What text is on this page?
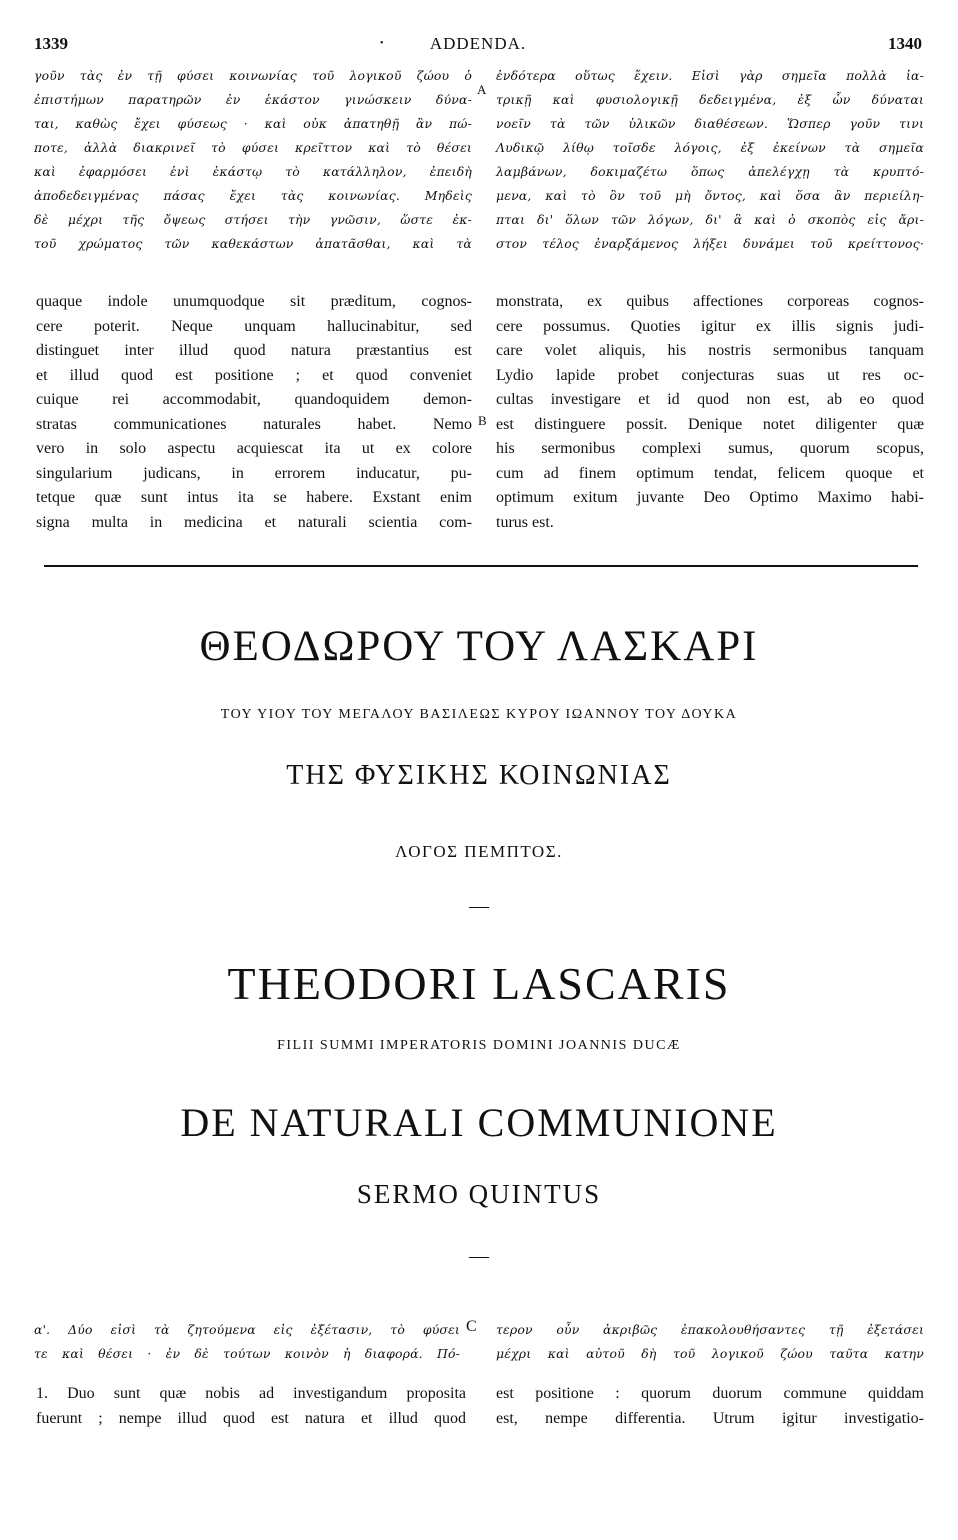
1339	•	ADDENDA.	1340
γοῦν τὰς ἐν τῇ φύσει κοινωνίας τοῦ λογικοῦ ζώου ὁ
ἐπιστήμων παρατηρῶν ἐν ἑκάστον γινώσκειν δύνα-
ται, καθὼς ἔχει φύσεως · καὶ οὐκ ἀπατηθῇ ἂν πώ-
ποτε, ἀλλὰ διακρινεῖ τὸ φύσει κρεῖττον καὶ τὸ θέσει
καὶ ἐφαρμόσει ἑνὶ ἑκάστῳ τὸ κατάλληλον, ἐπειδὴ
ἀποδεδειγμένας πάσας ἔχει τὰς κοινωνίας. Μηδεὶς
δὲ μέχρι τῆς ὄψεως στήσει τὴν γνῶσιν, ὥστε ἐκ-
τοῦ χρώματος τῶν καθεκάστων ἀπατᾶσθαι, καὶ τὰ
A
ἐνδότερα οὕτως ἔχειν. Εἰσὶ γὰρ σημεῖα πολλὰ ἰα-
τρικῇ καὶ φυσιολογικῇ δεδειγμένα, ἐξ ὧν δύναται
νοεῖν τὰ τῶν ὑλικῶν διαθέσεων. Ὥσπερ γοῦν τινι
Λυδικῷ λίθῳ τοῖσδε λόγοις, ἐξ ἐκείνων τὰ σημεῖα
λαμβάνων, δοκιμαζέτω ὅπως ἀπελέγχῃ τὰ κρυπτό-
μενα, καὶ τὸ ὂν τοῦ μὴ ὄντος, καὶ ὅσα ἂν περιείλη-
πται δι' ὅλων τῶν λόγων, δι' ἃ καὶ ὁ σκοπὸς εἰς ἄρι-
στον τέλος ἐναρξάμενος λήξει δυνάμει τοῦ κρείττονος·
quaque indole unumquodque sit præditum, cognos-
cere poterit. Neque unquam hallucinabitur, sed
distinguet inter illud quod natura præstantius est
et illud quod est positione ; et quod conveniet
cuique rei accommodabit, quandoquidem demon-
stratas communicationes naturales habet. Nemo
vero in solo aspectu acquiescat ita ut ex colore
singularium judicans, in errorem inducatur, pu-
tetque quæ sunt intus ita se habere. Exstant enim
signa multa in medicina et naturali scientia com-
B
monstrata, ex quibus affectiones corporeas cognos-
cere possumus. Quoties igitur ex illis signis judi-
care volet aliquis, his nostris sermonibus tanquam
Lydio lapide probet conjecturas suas ut res oc-
cultas investigare et id quod non est, ab eo quod
est distinguere possit. Denique notet diligenter quæ
his sermonibus complexi sumus, quorum scopus,
cum ad finem optimum tendat, felicem quoque et
optimum exitum juvante Deo Optimo Maximo habi-
turus est.
ΘΕΟΔΩΡΟΥ ΤΟΥ ΛΑΣΚΑΡΙ
ΤΟΥ ΥΙΟΥ ΤΟΥ ΜΕΓΑΛΟΥ ΒΑΣΙΛΕΩΣ ΚΥΡΟΥ ΙΩΑΝΝΟΥ ΤΟΥ ΔΟΥΚΑ
ΤΗΣ ΦΥΣΙΚΗΣ ΚΟΙΝΩΝΙΑΣ
ΛΟΓΟΣ ΠΕΜΠΤΟΣ.
—
THEODORI LASCARIS
FILII SUMMI IMPERATORIS DOMINI JOANNIS DUCÆ
DE NATURALI COMMUNIONE
SERMO QUINTUS
—
α'. Δύο εἰσὶ τὰ ζητούμενα εἰς ἐξέτασιν, τὸ φύσει
τε καὶ θέσει · ἐν δὲ τούτων κοινὸν ἡ διαφορά. Πό-
C τερον οὖν ἀκριβῶς ἐπακολουθήσαντες τῇ ἐξετάσει
μέχρι καὶ αὐτοῦ δὴ τοῦ λογικοῦ ζώου ταῦτα κατην
1. Duo sunt quæ nobis ad investigandum proposita
fuerunt ; nempe illud quod est natura et illud quod
est positione : quorum duorum commune quiddam
est, nempe differentia. Utrum igitur investigatio-
